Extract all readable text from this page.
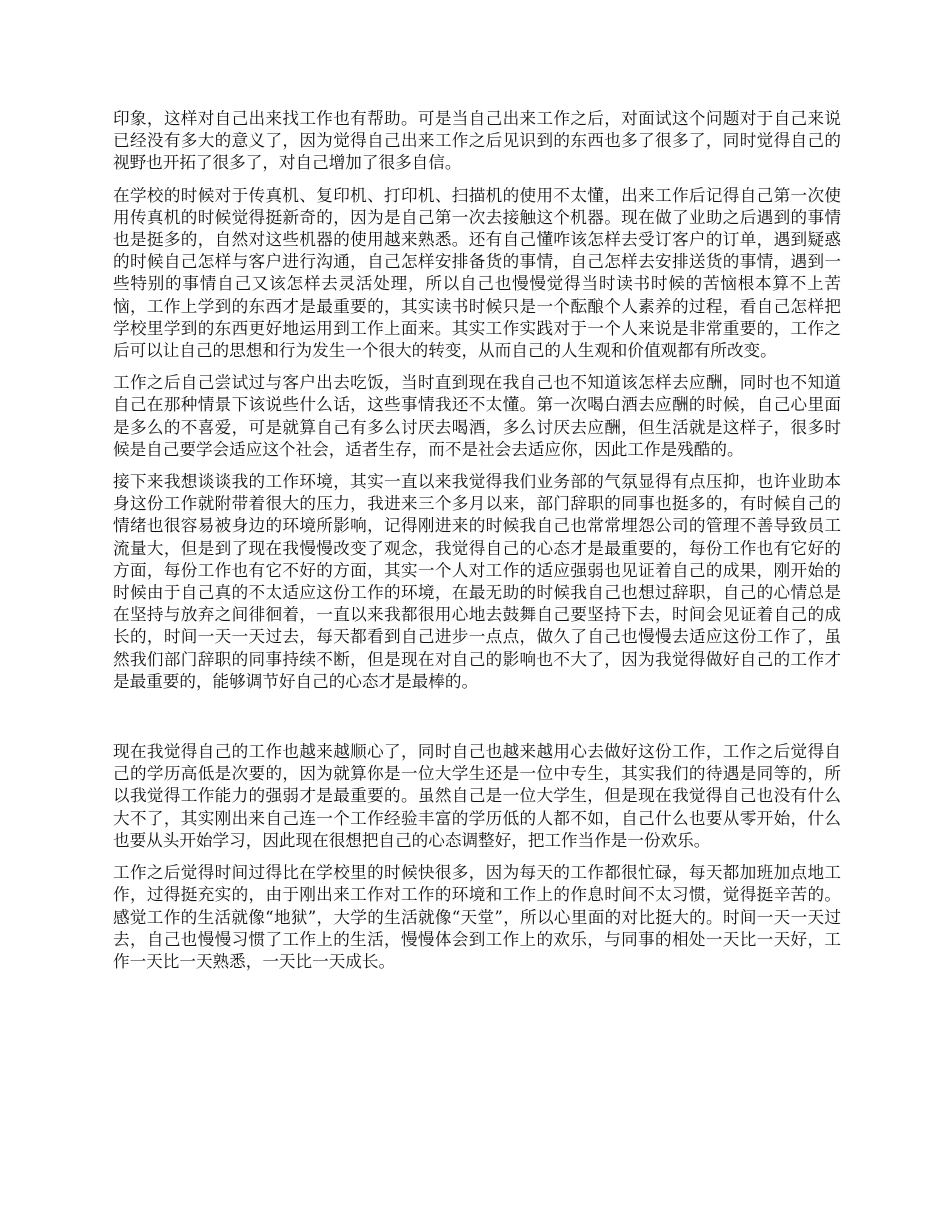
印象，这样对自己出来找工作也有帮助。可是当自己出来工作之后，对面试这个问题对于自己来说已经没有多大的意义了，因为觉得自己出来工作之后见识到的东西也多了很多了，同时觉得自己的视野也开拓了很多了，对自己增加了很多自信。

在学校的时候对于传真机、复印机、打印机、扫描机的使用不太懂，出来工作后记得自己第一次使用传真机的时候觉得挺新奇的，因为是自己第一次去接触这个机器。现在做了业助之后遇到的事情也是挺多的，自然对这些机器的使用越来熟悉。还有自己懂咋该怎样去受订客户的订单，遇到疑惑的时候自己怎样与客户进行沟通，自己怎样安排备货的事情，自己怎样去安排送货的事情，遇到一些特别的事情自己又该怎样去灵活处理，所以自己也慢慢觉得当时读书时候的苦恼根本算不上苦恼，工作上学到的东西才是最重要的，其实读书时候只是一个酝酿个人素养的过程，看自己怎样把学校里学到的东西更好地运用到工作上面来。其实工作实践对于一个人来说是非常重要的，工作之后可以让自己的思想和行为发生一个很大的转变，从而自己的人生观和价值观都有所改变。

工作之后自己尝试过与客户出去吃饭，当时直到现在我自己也不知道该怎样去应酬，同时也不知道自己在那种情景下该说些什么话，这些事情我还不太懂。第一次喝白酒去应酬的时候，自己心里面是多么的不喜爱，可是就算自己有多么讨厌去喝酒，多么讨厌去应酬，但生活就是这样子，很多时候是自己要学会适应这个社会，适者生存，而不是社会去适应你，因此工作是残酷的。

接下来我想谈谈我的工作环境，其实一直以来我觉得我们业务部的气氛显得有点压抑，也许业助本身这份工作就附带着很大的压力，我进来三个多月以来，部门辞职的同事也挺多的，有时候自己的情绪也很容易被身边的环境所影响，记得刚进来的时候我自己也常常埋怨公司的管理不善导致员工流量大，但是到了现在我慢慢改变了观念，我觉得自己的心态才是最重要的，每份工作也有它好的方面，每份工作也有它不好的方面，其实一个人对工作的适应强弱也见证着自己的成果，刚开始的时候由于自己真的不太适应这份工作的环境，在最无助的时候我自己也想过辞职，自己的心情总是在坚持与放弃之间徘徊着，一直以来我都很用心地去鼓舞自己要坚持下去，时间会见证着自己的成长的，时间一天一天过去，每天都看到自己进步一点点，做久了自己也慢慢去适应这份工作了，虽然我们部门辞职的同事持续不断，但是现在对自己的影响也不大了，因为我觉得做好自己的工作才是最重要的，能够调节好自己的心态才是最棒的。

现在我觉得自己的工作也越来越顺心了，同时自己也越来越用心去做好这份工作，工作之后觉得自己的学历高低是次要的，因为就算你是一位大学生还是一位中专生，其实我们的待遇是同等的，所以我觉得工作能力的强弱才是最重要的。虽然自己是一位大学生，但是现在我觉得自己也没有什么大不了，其实刚出来自己连一个工作经验丰富的学历低的人都不如，自己什么也要从零开始，什么也要从头开始学习，因此现在很想把自己的心态调整好，把工作当作是一份欢乐。

工作之后觉得时间过得比在学校里的时候快很多，因为每天的工作都很忙碌，每天都加班加点地工作，过得挺充实的，由于刚出来工作对工作的环境和工作上的作息时间不太习惯，觉得挺辛苦的。感觉工作的生活就像“地狱”，大学的生活就像“天堂”，所以心里面的对比挺大的。时间一天一天过去，自己也慢慢习惯了工作上的生活，慢慢体会到工作上的欢乐，与同事的相处一天比一天好，工作一天比一天熟悉，一天比一天成长。
